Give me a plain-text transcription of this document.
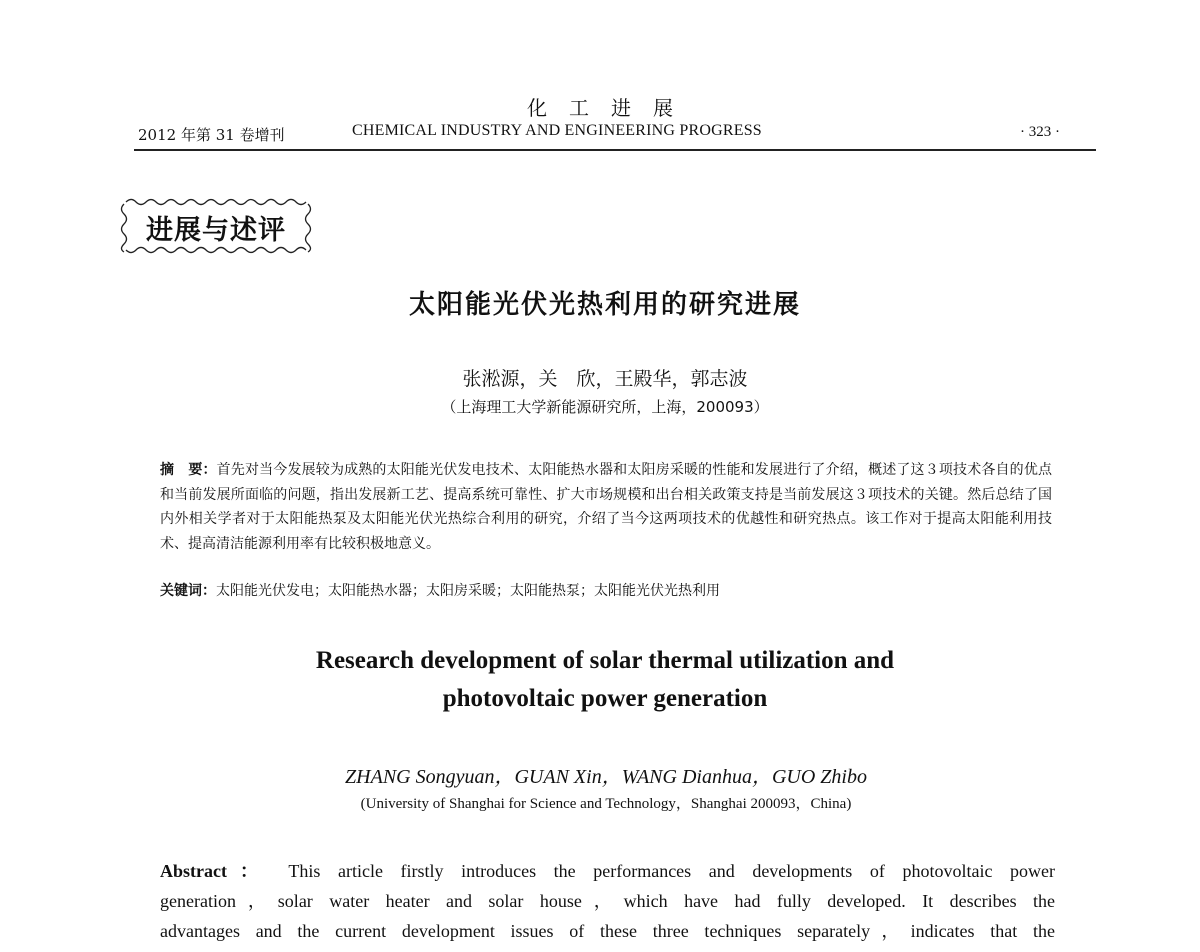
化工进展
2012 年第 31 卷增刊	CHEMICAL INDUSTRY AND ENGINEERING PROGRESS	· 323 ·
进展与述评
太阳能光伏光热利用的研究进展
张淞源，关　欣，王殿华，郭志波
（上海理工大学新能源研究所，上海，200093）
摘　要：首先对当今发展较为成熟的太阳能光伏发电技术、太阳能热水器和太阳房采暖的性能和发展进行了介绍，概述了这３项技术各自的优点和当前发展所面临的问题，指出发展新工艺、提高系统可靠性、扩大市场规模和出台相关政策支持是当前发展这３项技术的关键。然后总结了国内外相关学者对于太阳能热泵及太阳能光伏光热综合利用的研究，介绍了当今这两项技术的优越性和研究热点。该工作对于提高太阳能利用技术、提高清洁能源利用率有比较积极地意义。
关键词：太阳能光伏发电；太阳能热水器；太阳房采暖；太阳能热泵；太阳能光伏光热利用
Research development of solar thermal utilization and
photovoltaic power generation
ZHANG Songyuan，GUAN Xin，WANG Dianhua，GUO Zhibo
(University of Shanghai for Science and Technology，Shanghai 200093，China)
Abstract： This article firstly introduces the performances and developments of photovoltaic power
generation，solar water heater and solar house，which have had fully developed. It describes the
advantages and the current development issues of these three techniques separately，indicates that the
